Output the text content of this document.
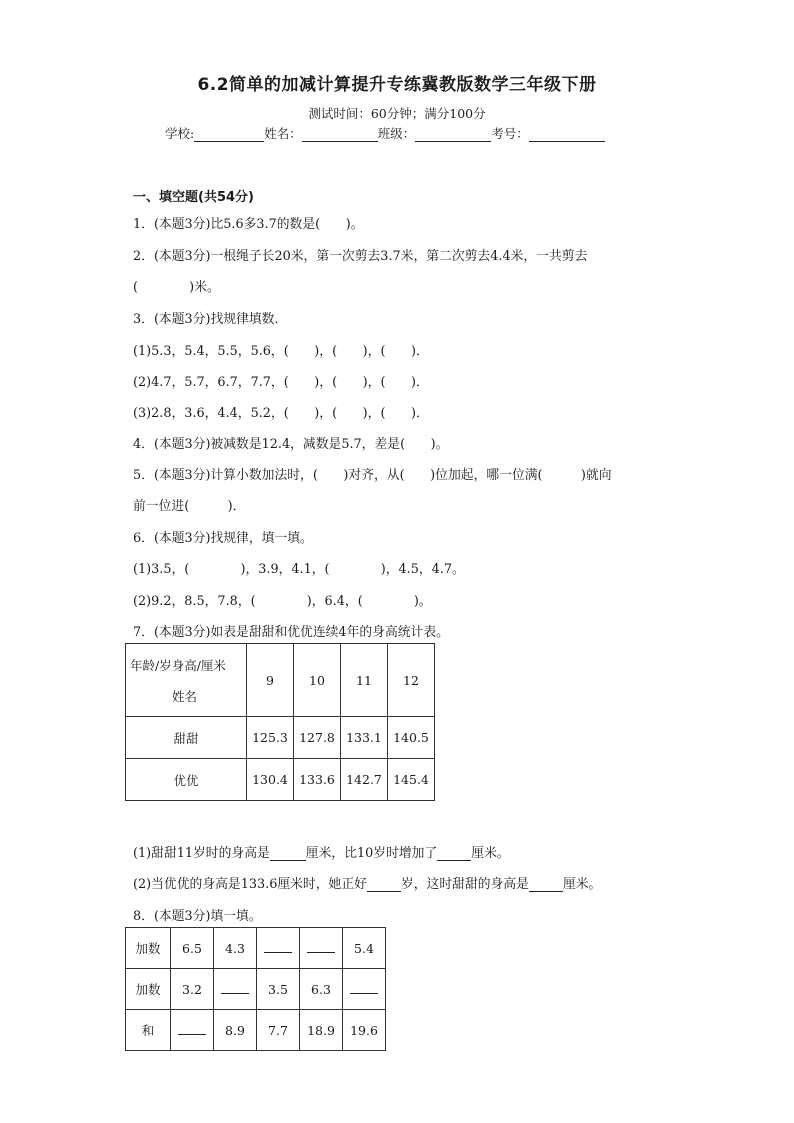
6.2简单的加减计算提升专练冀教版数学三年级下册
测试时间：60分钟；满分100分
学校:	姓名：	班级：	考号：
一、填空题(共54分)
1．(本题3分)比5.6多3.7的数是(　　)。
2．(本题3分)一根绳子长20米，第一次剪去3.7米，第二次剪去4.4米，一共剪去
(　　　　)米。
3．(本题3分)找规律填数．
(1)5.3，5.4，5.5，5.6，(　　)，(　　)，(　　)．
(2)4.7，5.7，6.7，7.7，(　　)，(　　)，(　　)．
(3)2.8，3.6，4.4，5.2，(　　)，(　　)，(　　)．
4．(本题3分)被减数是12.4，减数是5.7，差是(　　)。
5．(本题3分)计算小数加法时，(　　)对齐，从(　　)位加起，哪一位满(　　　)就向
前一位进(　　　)．
6．(本题3分)找规律，填一填。
(1)3.5，(　　　　)，3.9，4.1，(　　　　)，4.5，4.7。
(2)9.2，8.5，7.8，(　　　　)，6.4，(　　　　)。
7．(本题3分)如表是甜甜和优优连续4年的身高统计表。
年龄/岁身高/厘米
姓名	9	10	11	12
甜甜	125.3	127.8	133.1	140.5
优优	130.4	133.6	142.7	145.4
(1)甜甜11岁时的身高是	厘米，比10岁时增加了	厘米。
(2)当优优的身高是133.6厘米时，她正好	岁，这时甜甜的身高是	厘米。
8．(本题3分)填一填。
加数	6.5	4.3			5.4
加数	3.2		3.5	6.3	
和		8.9	7.7	18.9	19.6
